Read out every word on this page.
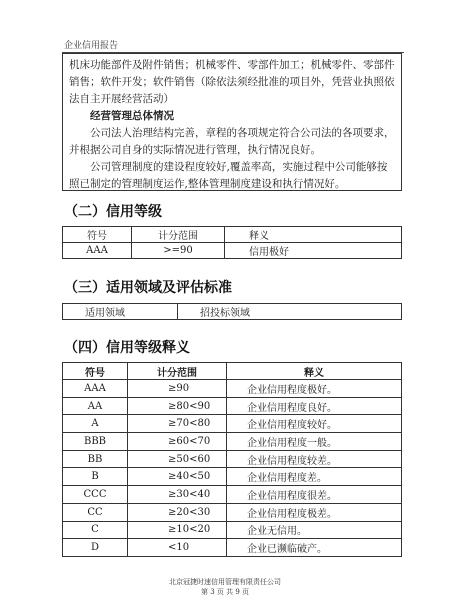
企业信用报告

机床功能部件及附件销售；机械零件、零部件加工；机械零件、零部件销售；软件开发；软件销售（除依法须经批准的项目外，凭营业执照依法自主开展经营活动）

经营管理总体情况

公司法人治理结构完善，章程的各项规定符合公司法的各项要求，并根据公司自身的实际情况进行管理，执行情况良好。

公司管理制度的建设程度较好,覆盖率高，实施过程中公司能够按照已制定的管理制度运作,整体管理制度建设和执行情况好。

（二）信用等级
符号	计分范围	释义
AAA	>=90	信用极好
（三）适用领域及评估标准
适用领域	招投标领域
（四）信用等级释义
符号	计分范围	释义
AAA	≥90	企业信用程度极好。
AA	≥80<90	企业信用程度良好。
A	≥70<80	企业信用程度较好。
BBB	≥60<70	企业信用程度一般。
BB	≥50<60	企业信用程度较差。
B	≥40<50	企业信用程度差。
CCC	≥30<40	企业信用程度很差。
CC	≥20<30	企业信用程度极差。
C	≥10<20	企业无信用。
D	<10	企业已濒临破产。
北京冠捷时速信用管理有限责任公司
第 3 页 共 9 页
